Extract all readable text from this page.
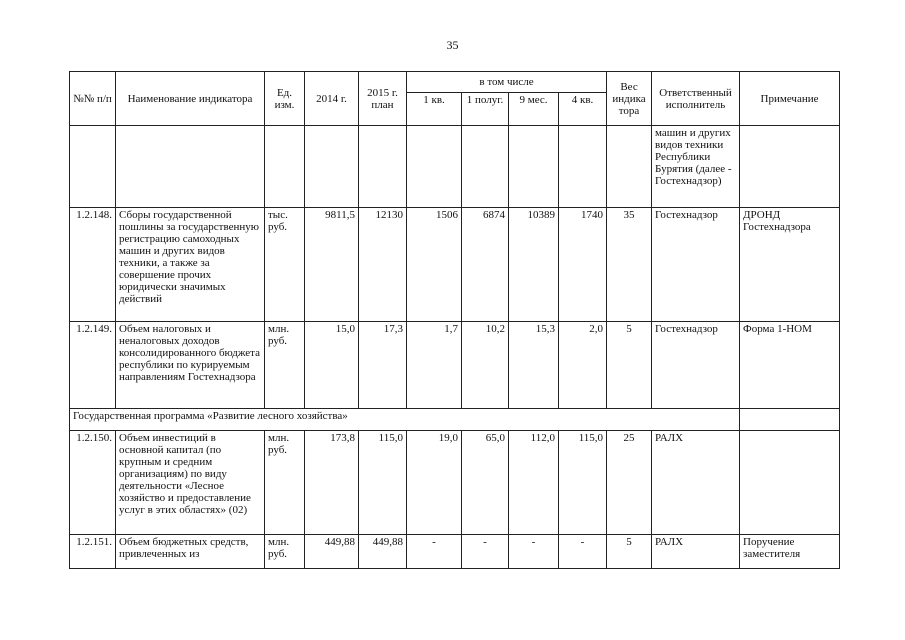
35
№№ п/п	Наименование индикатора	Ед. изм.	2014 г.	2015 г. план	в том числе				Вес индика тора	Ответственный исполнитель	Примечание
					1 кв.	1 полуг.	9 мес.	4 кв.			
										машин и других видов техники Республики Бурятия (далее - Гостехнадзор)	
1.2.148.	Сборы государственной пошлины за государственную регистрацию самоходных машин и других видов техники, а также за совершение прочих юридически значимых действий	тыс. руб.	9811,5	12130	1506	6874	10389	1740	35	Гостехнадзор	ДРОНД Гостехнадзора
1.2.149.	Объем налоговых и неналоговых доходов консолидированного бюджета республики по курируемым направлениям Гостехнадзора	млн. руб.	15,0	17,3	1,7	10,2	15,3	2,0	5	Гостехнадзор	Форма 1-НОМ
Государственная программа «Развитие лесного хозяйства»											
1.2.150.	Объем инвестиций в основной капитал (по крупным и средним организациям) по виду деятельности «Лесное хозяйство и предоставление услуг в этих областях» (02)	млн. руб.	173,8	115,0	19,0	65,0	112,0	115,0	25	РАЛХ	
1.2.151.	Объем бюджетных средств, привлеченных из	млн. руб.	449,88	449,88	-	-	-	-	5	РАЛХ	Поручение заместителя
